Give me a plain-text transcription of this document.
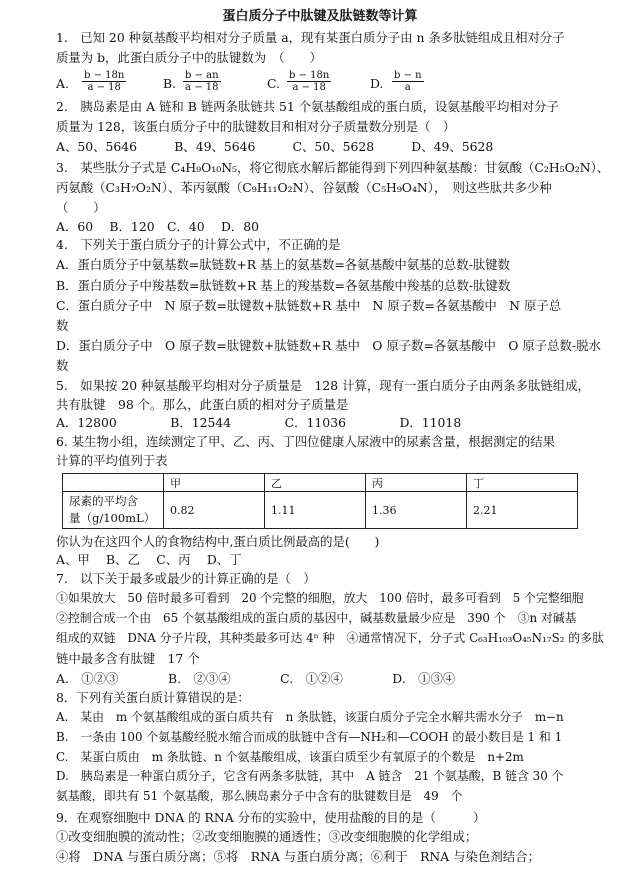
蛋白质分子中肽键及肽链数等计算
1.　已知 20 种氨基酸平均相对分子质量 a，现有某蛋白质分子由 n 条多肽链组成且相对分子
质量为 b，此蛋白质分子中的肽键数为　（　　）
A. $\frac{b - 18n}{a - 18}$	B. $\frac{b - an}{a - 18}$	C. $\frac{b - 18n}{a - 18}$	D. $\frac{b - n}{a}$
2.　胰岛素是由 A 链和 B 链两条肽链共 51 个氨基酸组成的蛋白质，设氨基酸平均相对分子
质量为 128，该蛋白质分子中的肽键数目和相对分子质量数分别是（　）
A、50、5646　　　B、49、5646　　　C、50、5628　　　D、49、5628
3.　某些肽分子式是 C₄H₉O₁₀N₅，将它彻底水解后都能得到下列四种氨基酸：甘氨酸（C₂H₅O₂N）、
丙氨酸（C₃H₇O₂N）、苯丙氨酸（C₉H₁₁O₂N）、谷氨酸（C₅H₉O₄N），　则这些肽共多少种
（　　）
A．60　 B．120　C．40　 D．80
4.　下列关于蛋白质分子的计算公式中，不正确的是
A．蛋白质分子中氨基数=肽链数+R 基上的氨基数=各氨基酸中氨基的总数-肽键数
B．蛋白质分子中羧基数=肽链数+R 基上的羧基数=各氨基酸中羧基的总数-肽键数
C．蛋白质分子中　N 原子数=肽键数+肽链数+R 基中　N 原子数=各氨基酸中　N 原子总
数
D．蛋白质分子中　O 原子数=肽键数+肽链数+R 基中　O 原子数=各氨基酸中　O 原子总数-脱水
数
5.　如果按 20 种氨基酸平均相对分子质量是　128 计算，现有一蛋白质分子由两条多肽链组成，
共有肽键　98 个。那么，此蛋白质的相对分子质量是
A．12800　　　　 B．12544　　　　 C．11036　　　　 D．11018
6. 某生物小组，连续测定了甲、乙、丙、丁四位健康人尿液中的尿素含量，根据测定的结果
计算的平均值列于表
	甲	乙	丙	丁

尿素的平均含
量（g/100mL）	0.82	1.11	1.36	2.21
你认为在这四个人的食物结构中,蛋白质比例最高的是(　　)
A、甲　 B、乙　 C、丙　 D、丁
7.　以下关于最多或最少的计算正确的是（　）
①如果放大　50 倍时最多可看到　20 个完整的细胞，放大　100 倍时，最多可看到　5 个完整细胞
②控制合成一个由　65 个氨基酸组成的蛋白质的基因中，碱基数量最少应是　390 个　③n 对碱基
组成的双链　DNA 分子片段，其种类最多可达 4ⁿ 种　④通常情况下，分子式 C₆₃H₁₀₃O₄₅N₁₇S₂ 的多肽
链中最多含有肽键　17 个
A.　①②③　　　　B.　②③④　　　　C.　①②④　　　　D.　①③④
8．下列有关蛋白质计算错误的是：
A.　某由　m 个氨基酸组成的蛋白质共有　n 条肽链，该蛋白质分子完全水解共需水分子　m−n
B.　一条由 100 个氨基酸经脱水缩合而成的肽链中含有—NH₂和—COOH 的最小数目是 1 和 1
C.　某蛋白质由　m 条肽链、n 个氨基酸组成，该蛋白质至少有氧原子的个数是　n+2m
D.　胰岛素是一种蛋白质分子，它含有两条多肽链，其中　A 链含　21 个氨基酸，B 链含 30 个
氨基酸，即共有 51 个氨基酸，那么胰岛素分子中含有的肽键数目是　49　个
9．在观察细胞中 DNA 的 RNA 分布的实验中，使用盐酸的目的是（　　　）
①改变细胞膜的流动性；②改变细胞膜的通透性；③改变细胞膜的化学组成；
④将　DNA 与蛋白质分离；⑤将　RNA 与蛋白质分离；⑥利于　RNA 与染色剂结合；
